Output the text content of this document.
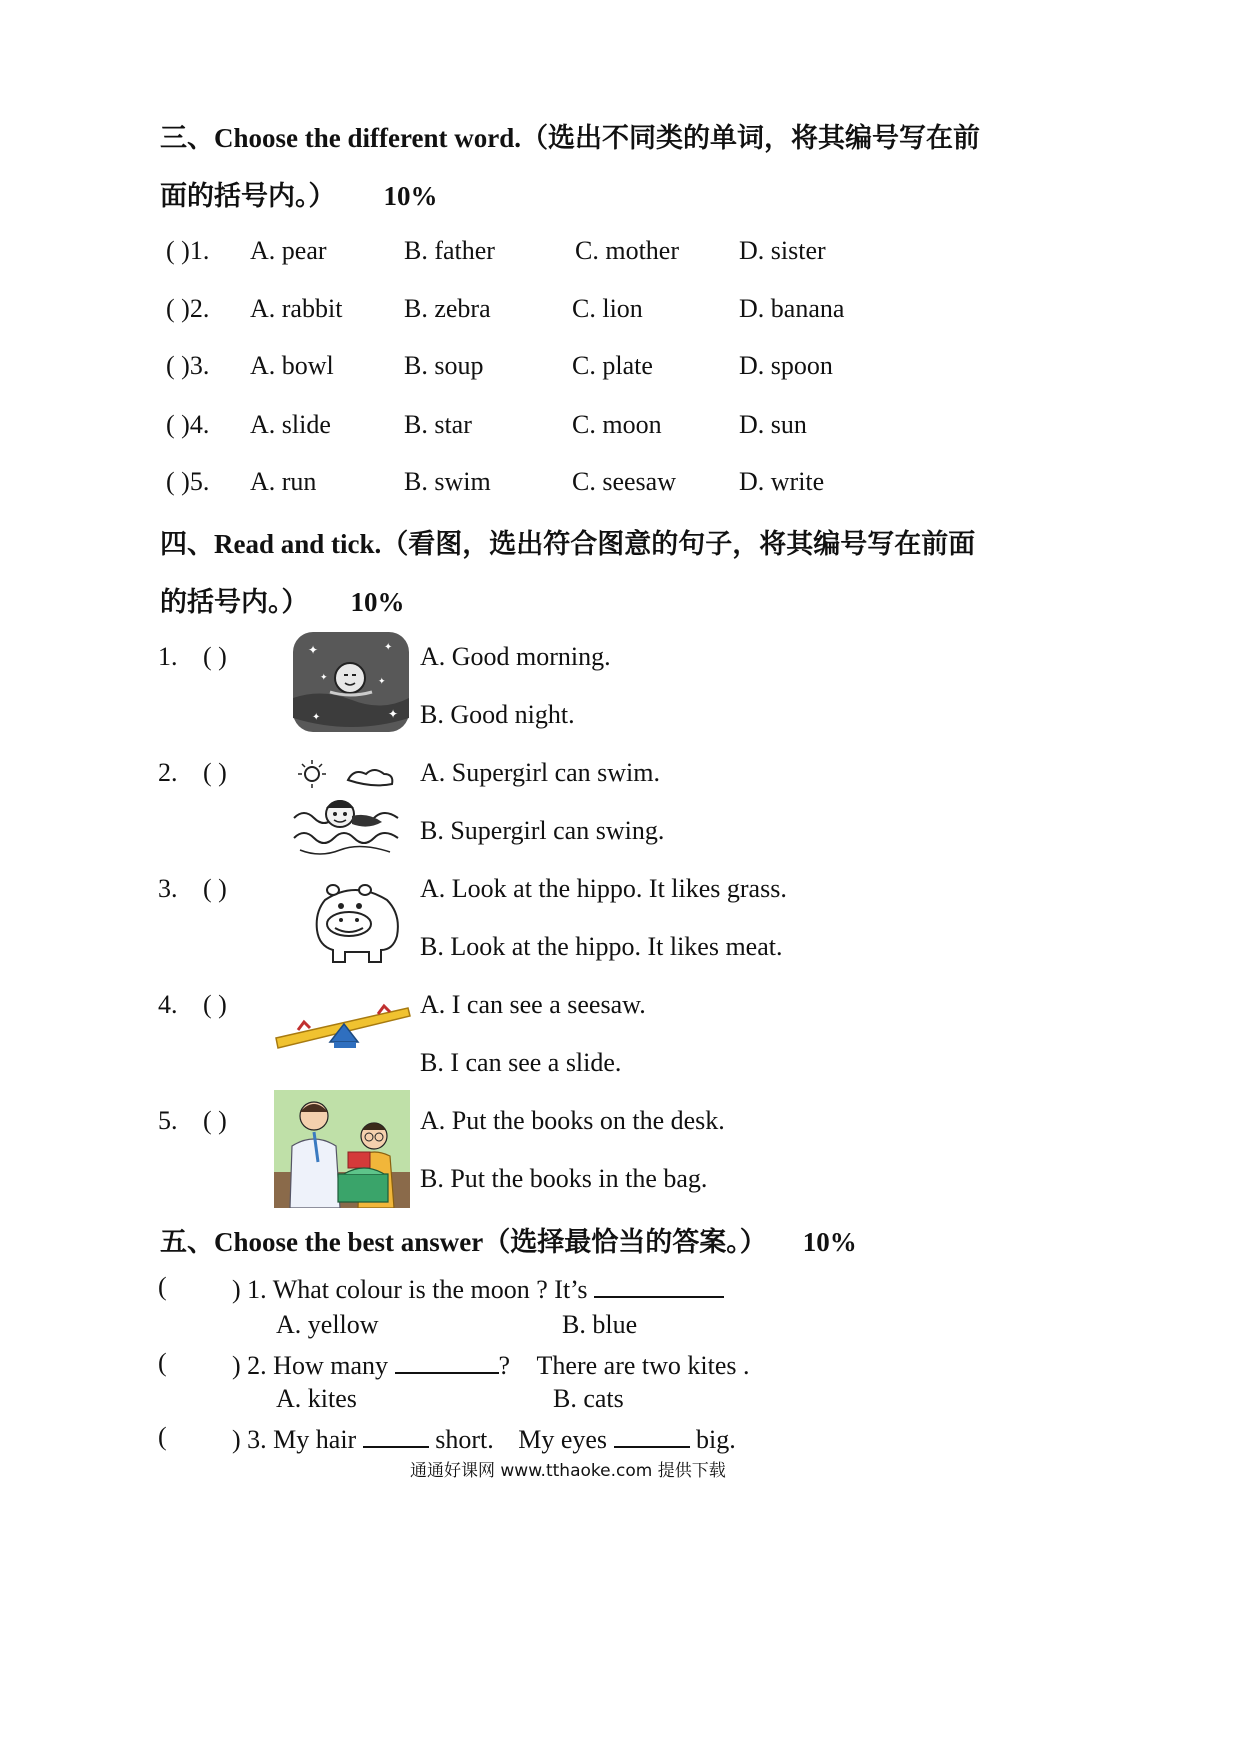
三、Choose the different word.（选出不同类的单词，将其编号写在前
面的括号内。） 10%
( )1. A. pear	B. father	C. mother D. sister
( )2. A. rabbit B. zebra	C. lion	D. banana
( )3. A. bowl	B. soup	C. plate	D. spoon
( )4. A. slide	B. star	C. moon	D. sun
( )5. A. run	B. swim	C. seesaw D. write
四、Read and tick.（看图，选出符合图意的句子，将其编号写在前面
的括号内。） 10%
1. ( )	✦	✦
✦	✦
✦
✦
A. Good morning.
B. Good night.
2. ( )	A. Supergirl can swim.
B. Supergirl can swing.
3. ( )	A. Look at the hippo. It likes grass.
B. Look at the hippo. It likes meat.
4. ( )	A. I can see a seesaw.
B. I can see a slide.
5. ( )	A. Put the books on the desk.
B. Put the books in the bag.
五、Choose the best answer（选择最恰当的答案。） 10%
(	) 1. What colour is the moon ? It’s
A. yellow	B. blue
(	) 2. How many	? There are two kites .
A. kites	B. cats
(	) 3. My hair	short. My eyes	big.
通通好课网 www.tthaoke.com 提供下载
